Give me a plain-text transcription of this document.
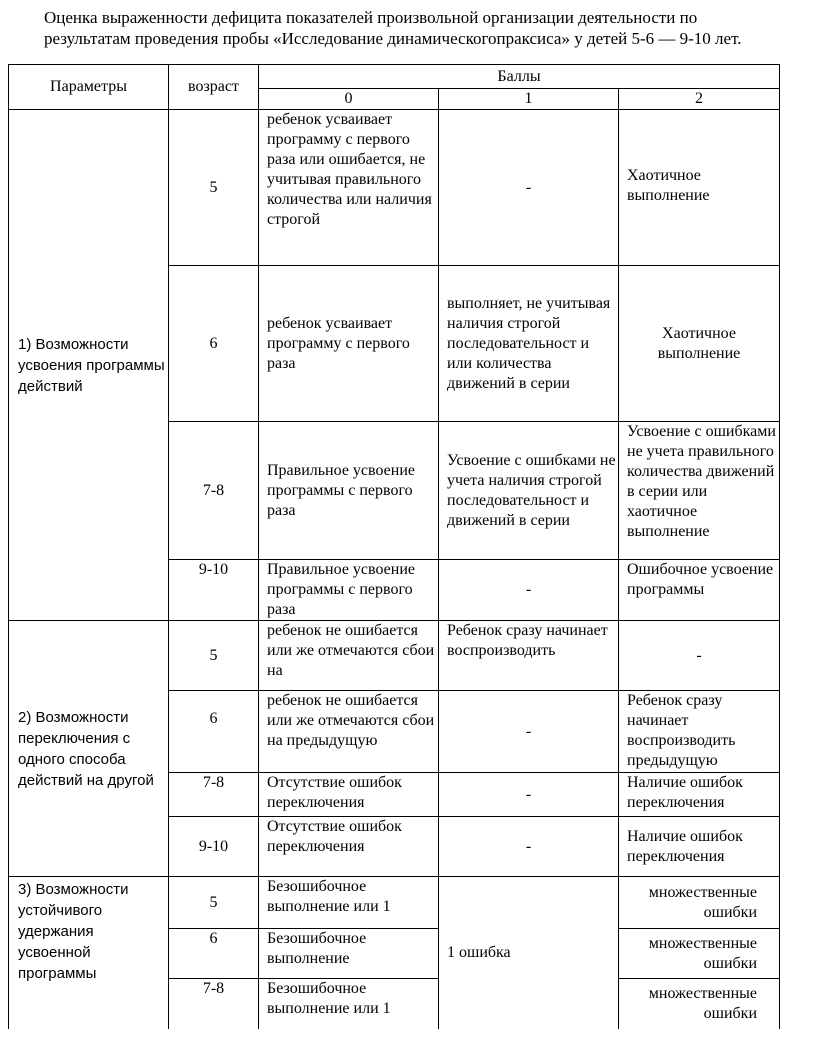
Оценка выраженности дефицита показателей произвольной организации деятельности по результатам проведения пробы «Исследование динамическогопраксиса» у детей 5-6 — 9-10 лет.
Параметры	возраст	Баллы		
		0	1	2
1) Возможности усвоения программы действий	5	ребенок усваивает программу с первого раза или ошибается, не учитывая правильного количества или наличия строгой	-	Хаотичное выполнение
	6	ребенок усваивает программу с первого раза	выполняет, не учитывая наличия строгой последовательност и или количества движений в серии	Хаотичное выполнение
	7-8	Правильное усвоение программы с первого раза	Усвоение с ошибками не учета наличия строгой последовательност и движений в серии	Усвоение с ошибками не учета правильного количества движений в серии или хаотичное выполнение
	9-10	Правильное усвоение программы с первого раза	-	Ошибочное усвоение программы
2) Возможности переключения с одного способа действий на другой	5	ребенок не ошибается или же отмечаются сбои на	Ребенок сразу начинает воспроизводить	-
	6	ребенок не ошибается или же отмечаются сбои на предыдущую	-	Ребенок сразу начинает воспроизводить предыдущую
	7-8	Отсутствие ошибок переключения	-	Наличие ошибок переключения
	9-10	Отсутствие ошибок переключения	-	Наличие ошибок переключения
3) Возможности устойчивого удержания усвоенной программы	5	Безошибочное выполнение или 1	1 ошибка	множественные ошибки
	6	Безошибочное выполнение		множественные ошибки
	7-8	Безошибочное выполнение или 1		множественные ошибки
